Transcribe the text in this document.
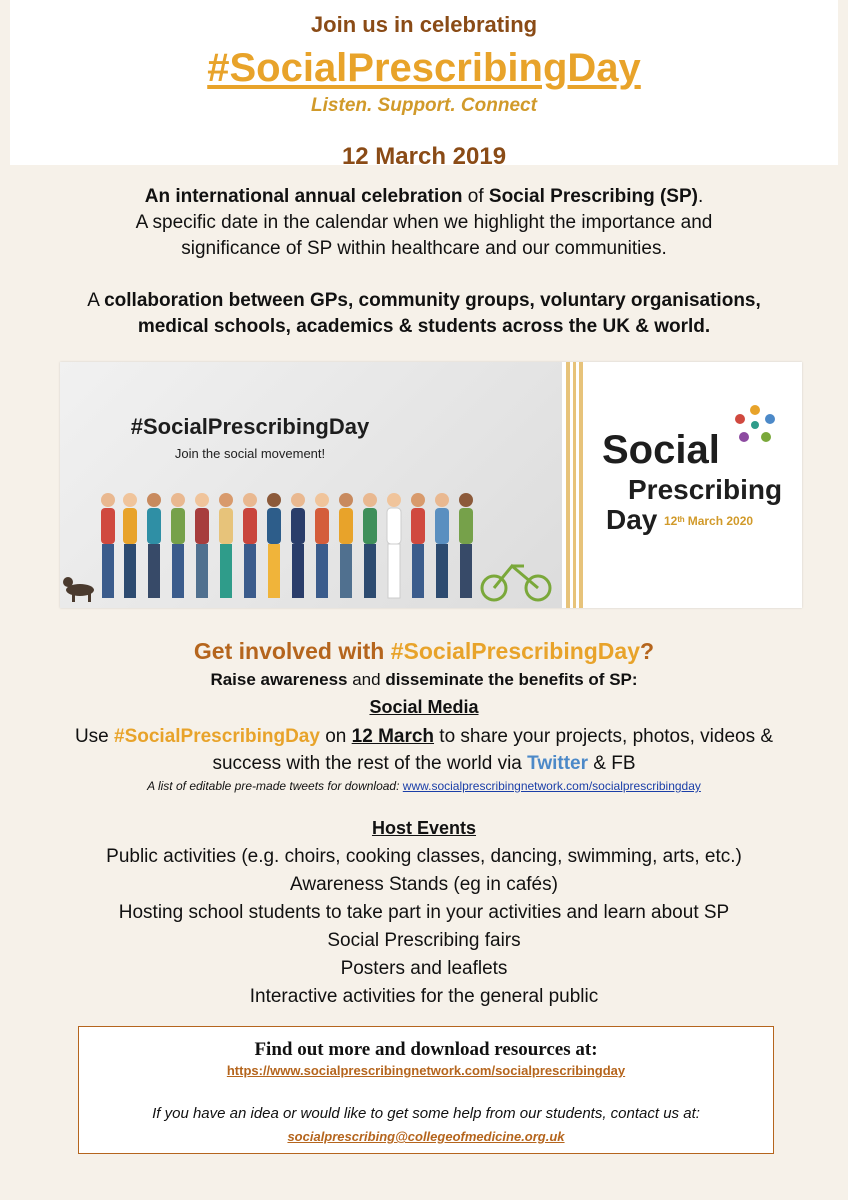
Join us in celebrating
#SocialPrescribingDay
Listen. Support. Connect
12 March 2019
An international annual celebration of Social Prescribing (SP).
A specific date in the calendar when we highlight the importance and
significance of SP within healthcare and our communities.
A collaboration between GPs, community groups, voluntary organisations,
medical schools, academics & students across the UK & world.
#SocialPrescribingDay
Join the social movement!	Social
Prescribing
Day 12ᵗʰ March 2020
Get involved with #SocialPrescribingDay?
Raise awareness and disseminate the benefits of SP:
Social Media
Use #SocialPrescribingDay on 12 March to share your projects, photos, videos &
success with the rest of the world via Twitter & FB
A list of editable pre-made tweets for download: www.socialprescribingnetwork.com/socialprescribingday
Host Events
Public activities (e.g. choirs, cooking classes, dancing, swimming, arts, etc.)
Awareness Stands (eg in cafés)
Hosting school students to take part in your activities and learn about SP
Social Prescribing fairs
Posters and leaflets
Interactive activities for the general public
Find out more and download resources at:
https://www.socialprescribingnetwork.com/socialprescribingday
If you have an idea or would like to get some help from our students, contact us at:
socialprescribing@collegeofmedicine.org.uk
